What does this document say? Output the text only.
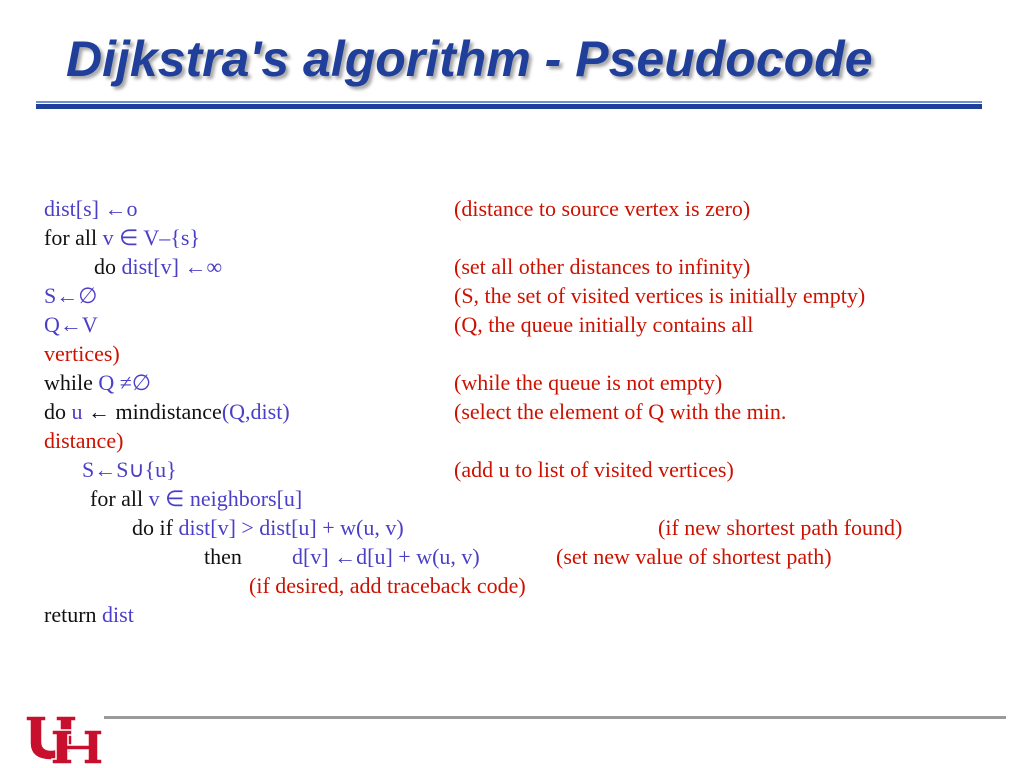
Dijkstra's algorithm - Pseudocode
dist[s] ←o	(distance to source vertex is zero)
for all v ∈ V–{s}
do dist[v] ←∞	(set all other distances to infinity)
S←∅	(S, the set of visited vertices is initially empty)
Q←V	(Q, the queue initially contains all
vertices)
while Q ≠∅	(while the queue is not empty)
do u ← mindistance(Q,dist)	(select the element of Q with the min.
distance)
S←S∪{u}	(add u to list of visited vertices)
for all v ∈ neighbors[u]
do if dist[v] > dist[u] + w(u, v)	(if new shortest path found)
then d[v] ←d[u] + w(u, v)	(set new value of shortest path)
(if desired, add traceback code)
return dist
